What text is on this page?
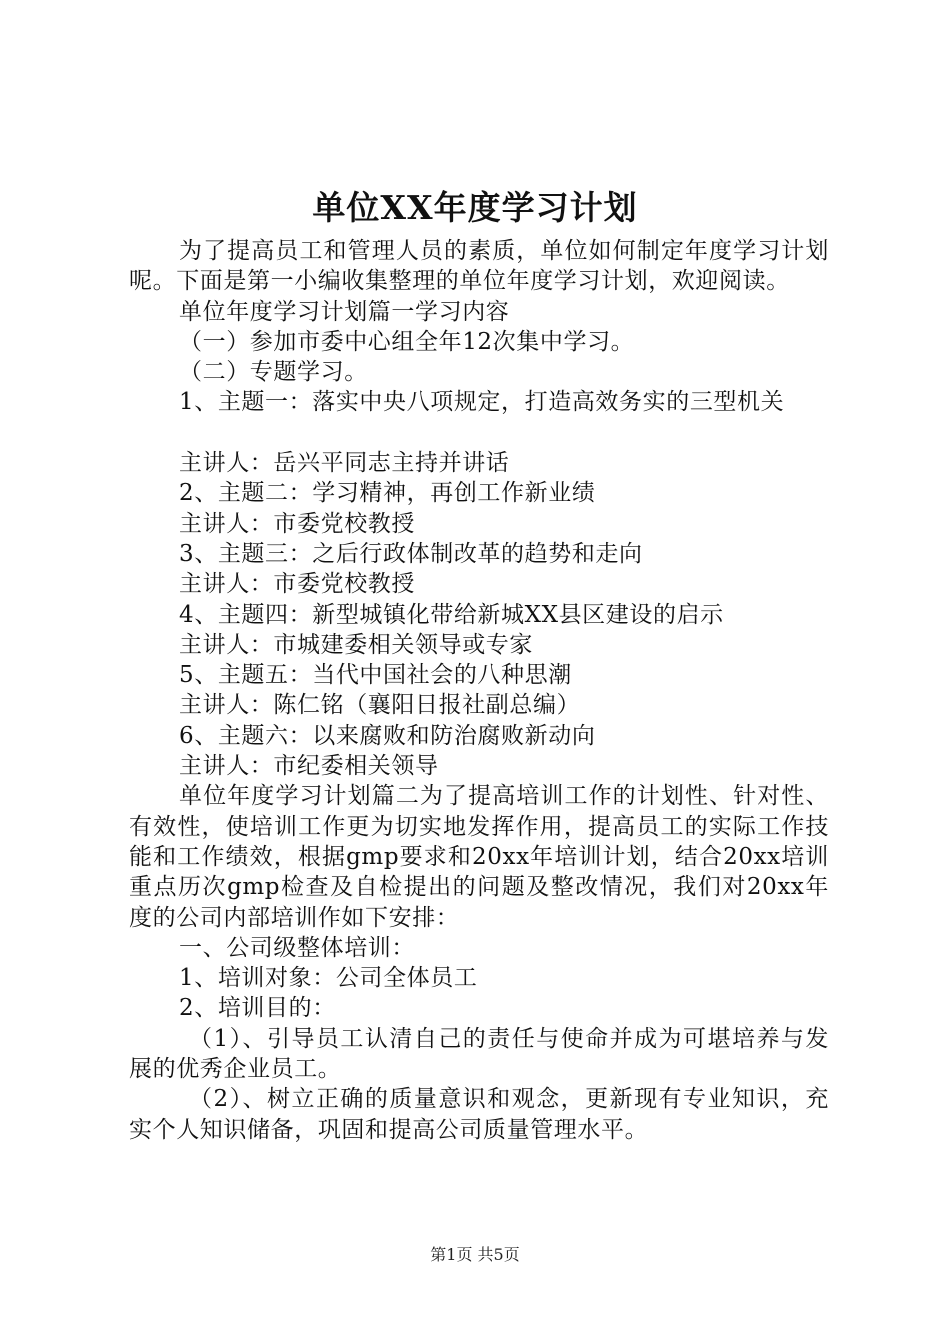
单位XX年度学习计划

为了提高员工和管理人员的素质，单位如何制定年度学习计划呢。下面是第一小编收集整理的单位年度学习计划，欢迎阅读。

单位年度学习计划篇一学习内容

（一）参加市委中心组全年12次集中学习。

（二）专题学习。

1、主题一：落实中央八项规定，打造高效务实的三型机关

主讲人：岳兴平同志主持并讲话

2、主题二：学习精神，再创工作新业绩

主讲人：市委党校教授

3、主题三：之后行政体制改革的趋势和走向

主讲人：市委党校教授

4、主题四：新型城镇化带给新城XX县区建设的启示

主讲人：市城建委相关领导或专家

5、主题五：当代中国社会的八种思潮

主讲人：陈仁铭（襄阳日报社副总编）

6、主题六：以来腐败和防治腐败新动向

主讲人：市纪委相关领导

单位年度学习计划篇二为了提高培训工作的计划性、针对性、有效性，使培训工作更为切实地发挥作用，提高员工的实际工作技能和工作绩效，根据gmp要求和20xx年培训计划，结合20xx培训重点历次gmp检查及自检提出的问题及整改情况，我们对20xx年度的公司内部培训作如下安排：

一、公司级整体培训：

1、培训对象：公司全体员工

2、培训目的：

（1）、引导员工认清自己的责任与使命并成为可堪培养与发展的优秀企业员工。

（2）、树立正确的质量意识和观念，更新现有专业知识，充实个人知识储备，巩固和提高公司质量管理水平。

第1页 共5页
